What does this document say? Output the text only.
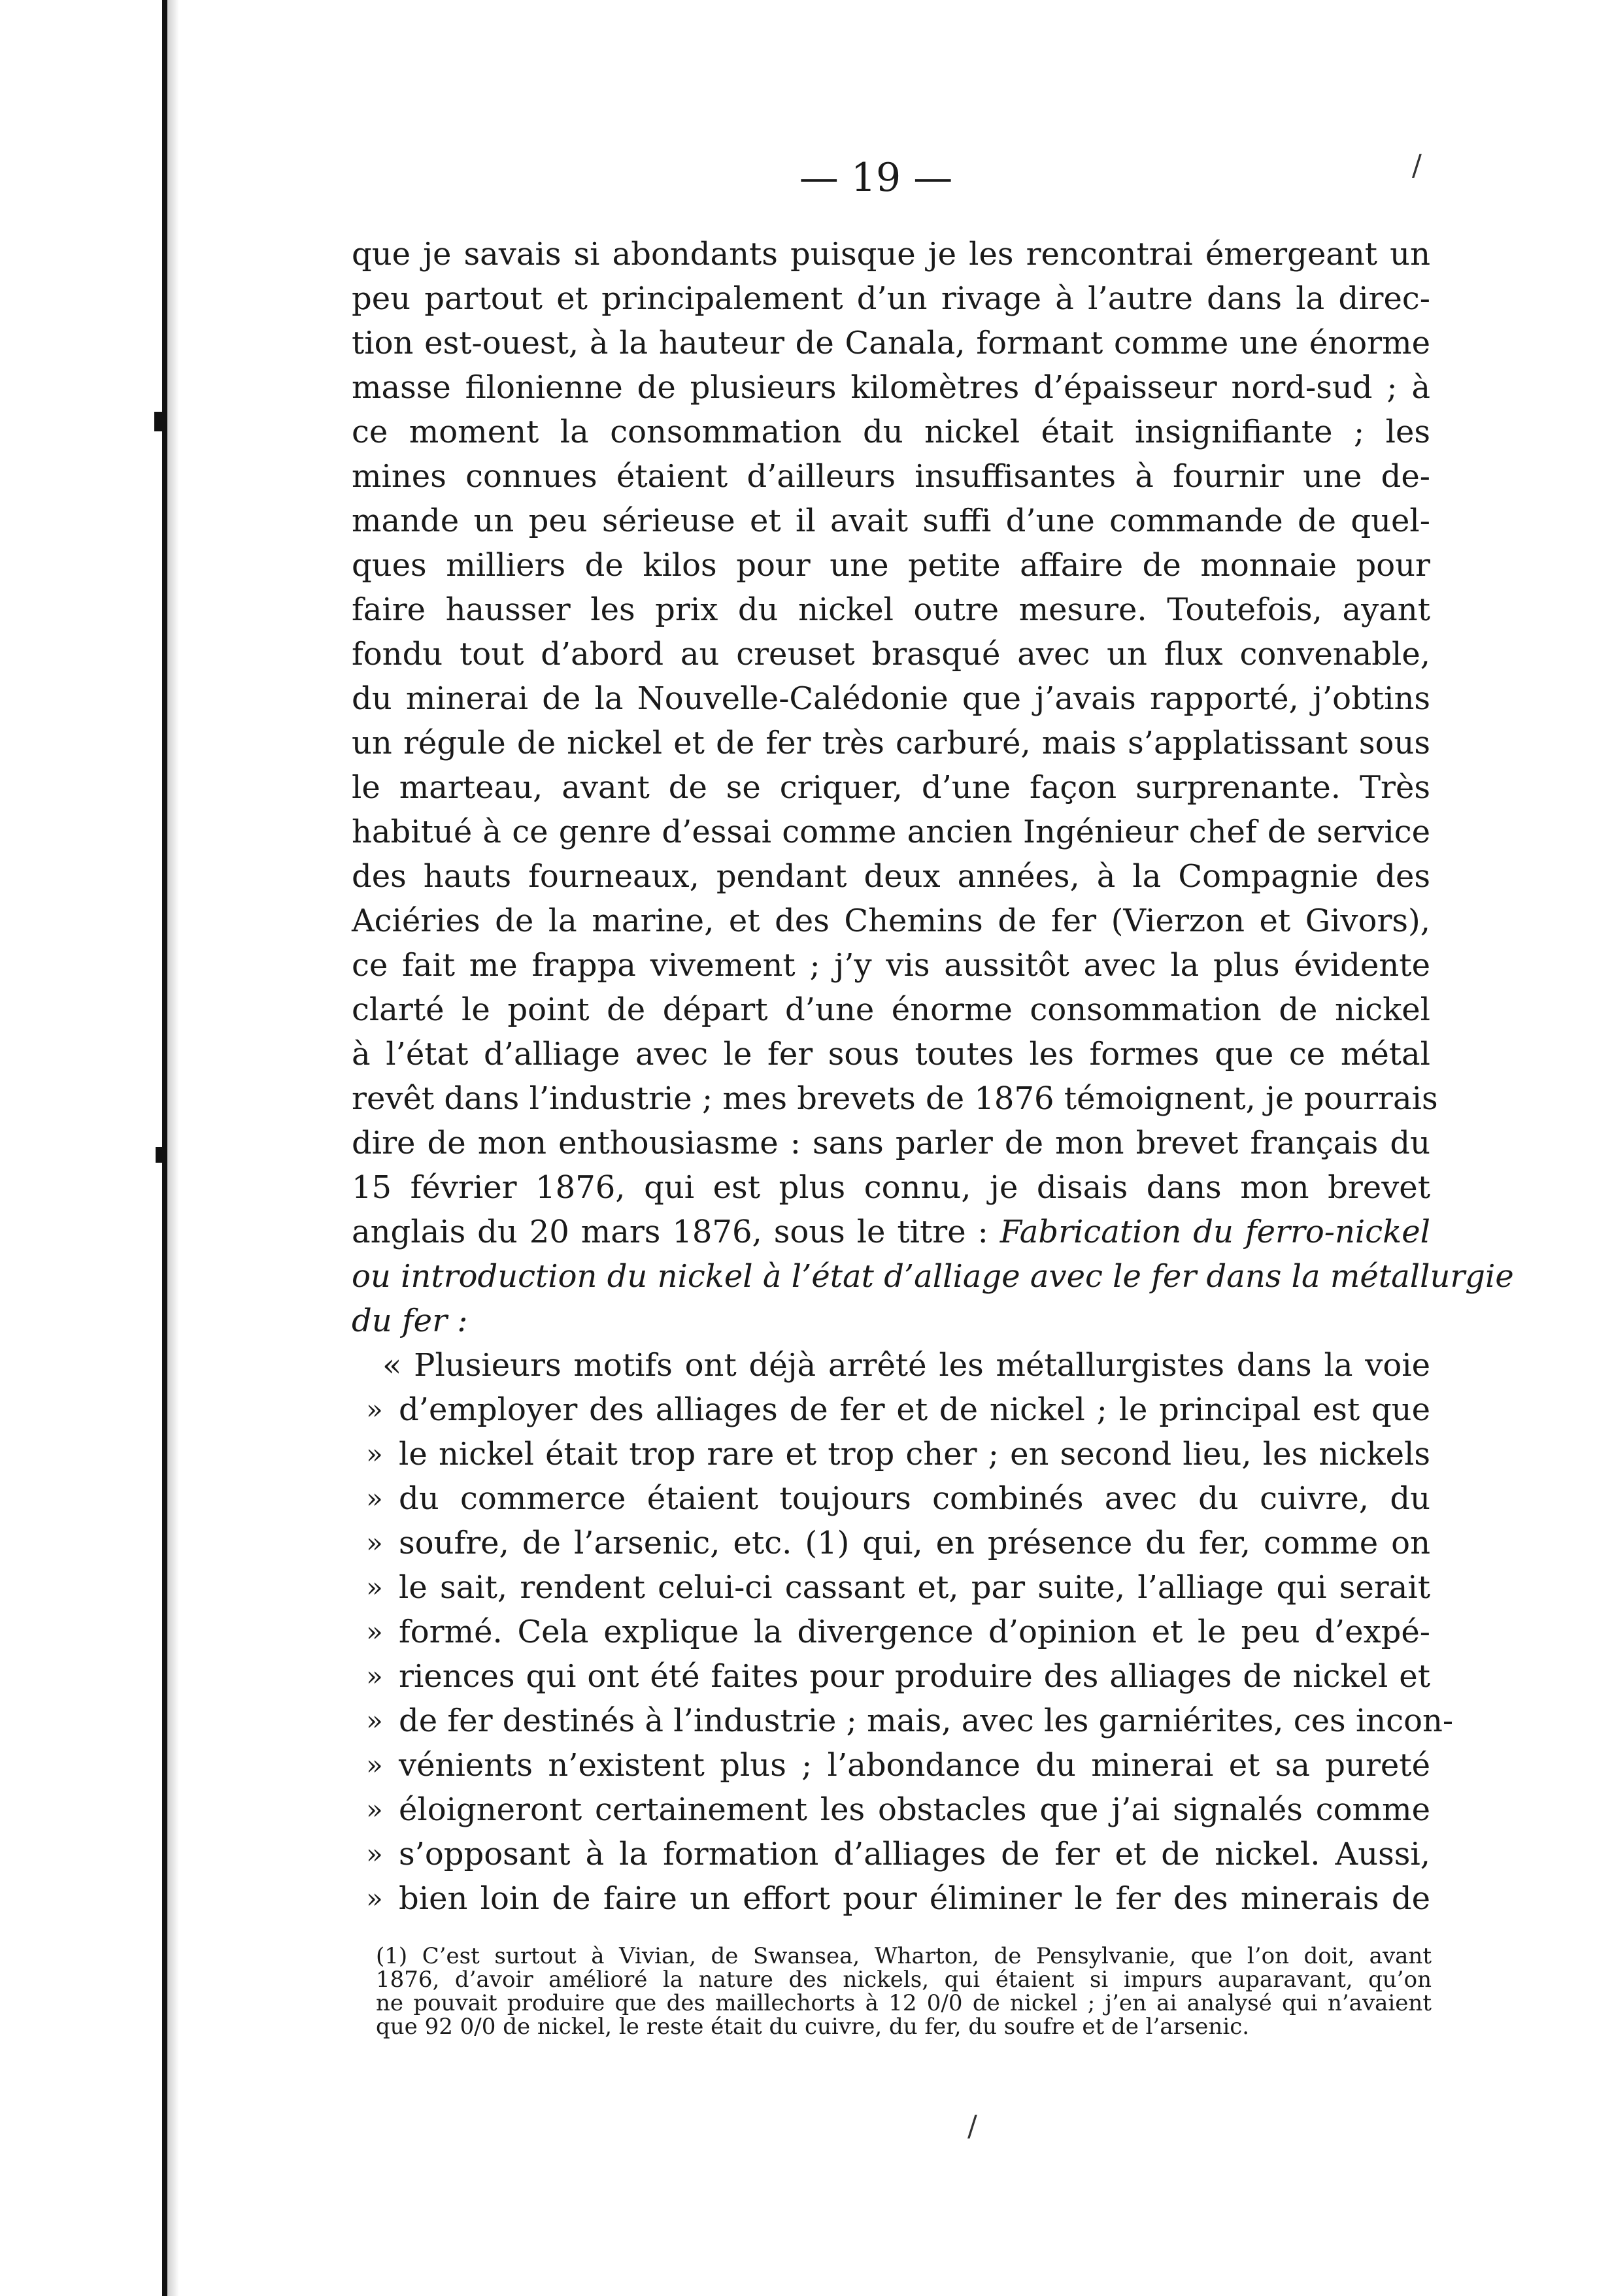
— 19 —	/
/
que je savais si abondants puisque je les rencontrai émergeant un
peu partout et principalement d’un rivage à l’autre dans la direc-
tion est-ouest, à la hauteur de Canala, formant comme une énorme
masse filonienne de plusieurs kilomètres d’épaisseur nord-sud ; à
ce moment la consommation du nickel était insignifiante ; les
mines connues étaient d’ailleurs insuffisantes à fournir une de-
mande un peu sérieuse et il avait suffi d’une commande de quel-
ques milliers de kilos pour une petite affaire de monnaie pour
faire hausser les prix du nickel outre mesure. Toutefois, ayant
fondu tout d’abord au creuset brasqué avec un flux convenable,
du minerai de la Nouvelle-Calédonie que j’avais rapporté, j’obtins
un régule de nickel et de fer très carburé, mais s’applatissant sous
le marteau, avant de se criquer, d’une façon surprenante. Très
habitué à ce genre d’essai comme ancien Ingénieur chef de service
des hauts fourneaux, pendant deux années, à la Compagnie des
Aciéries de la marine, et des Chemins de fer (Vierzon et Givors),
ce fait me frappa vivement ; j’y vis aussitôt avec la plus évidente
clarté le point de départ d’une énorme consommation de nickel
à l’état d’alliage avec le fer sous toutes les formes que ce métal
revêt dans l’industrie ; mes brevets de 1876 témoignent, je pourrais
dire de mon enthousiasme : sans parler de mon brevet français du
15 février 1876, qui est plus connu, je disais dans mon brevet
anglais du 20 mars 1876, sous le titre : Fabrication du ferro-nickel
ou introduction du nickel à l’état d’alliage avec le fer dans la métallurgie
du fer :
« Plusieurs motifs ont déjà arrêté les métallurgistes dans la voie
» d’employer des alliages de fer et de nickel ; le principal est que
» le nickel était trop rare et trop cher ; en second lieu, les nickels
» du commerce étaient toujours combinés avec du cuivre, du
» soufre, de l’arsenic, etc. (1) qui, en présence du fer, comme on
» le sait, rendent celui-ci cassant et, par suite, l’alliage qui serait
» formé. Cela explique la divergence d’opinion et le peu d’expé-
» riences qui ont été faites pour produire des alliages de nickel et
» de fer destinés à l’industrie ; mais, avec les garniérites, ces incon-
» vénients n’existent plus ; l’abondance du minerai et sa pureté
» éloigneront certainement les obstacles que j’ai signalés comme
» s’opposant à la formation d’alliages de fer et de nickel. Aussi,
» bien loin de faire un effort pour éliminer le fer des minerais de
(1) C’est surtout à Vivian, de Swansea, Wharton, de Pensylvanie, que l’on doit, avant
1876, d’avoir amélioré la nature des nickels, qui étaient si impurs auparavant, qu’on
ne pouvait produire que des maillechorts à 12 0/0 de nickel ; j’en ai analysé qui n’avaient
que 92 0/0 de nickel, le reste était du cuivre, du fer, du soufre et de l’arsenic.
